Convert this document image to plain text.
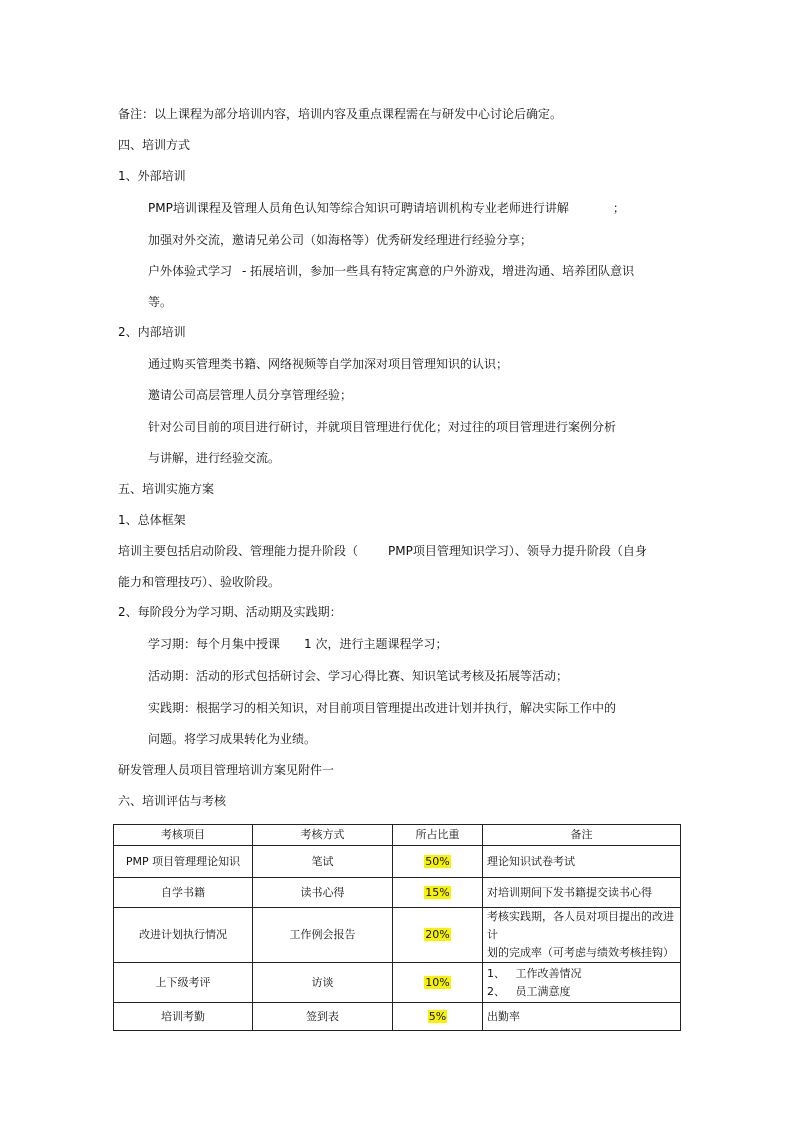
备注：以上课程为部分培训内容，培训内容及重点课程需在与研发中心讨论后确定。
四、培训方式
1、外部培训
PMP培训课程及管理人员角色认知等综合知识可聘请培训机构专业老师进行讲解	；
加强对外交流，邀请兄弟公司（如海格等）优秀研发经理进行经验分享；
户外体验式学习 - 拓展培训，参加一些具有特定寓意的户外游戏，增进沟通、培养团队意识
等。
2、内部培训
通过购买管理类书籍、网络视频等自学加深对项目管理知识的认识；
邀请公司高层管理人员分享管理经验；
针对公司目前的项目进行研讨，并就项目管理进行优化；对过往的项目管理进行案例分析
与讲解，进行经验交流。
五、培训实施方案
1、总体框架
培训主要包括启动阶段、管理能力提升阶段（	PMP项目管理知识学习）、领导力提升阶段（自身
能力和管理技巧）、验收阶段。
2、每阶段分为学习期、活动期及实践期：
学习期：每个月集中授课 1 次，进行主题课程学习；
活动期：活动的形式包括研讨会、学习心得比赛、知识笔试考核及拓展等活动；
实践期：根据学习的相关知识，对目前项目管理提出改进计划并执行，解决实际工作中的
问题。将学习成果转化为业绩。
研发管理人员项目管理培训方案见附件一
六、培训评估与考核
考核项目	考核方式	所占比重	备注
PMP 项目管理理论知识	笔试	50%	理论知识试卷考试
自学书籍	读书心得	15%	对培训期间下发书籍提交读书心得
改进计划执行情况	工作例会报告	20%	考核实践期，各人员对项目提出的改进计
划的完成率（可考虑与绩效考核挂钩）

上下级考评	访谈	10%	1、   工作改善情况
2、   员工满意度

培训考勤	签到表	5%	出勤率
